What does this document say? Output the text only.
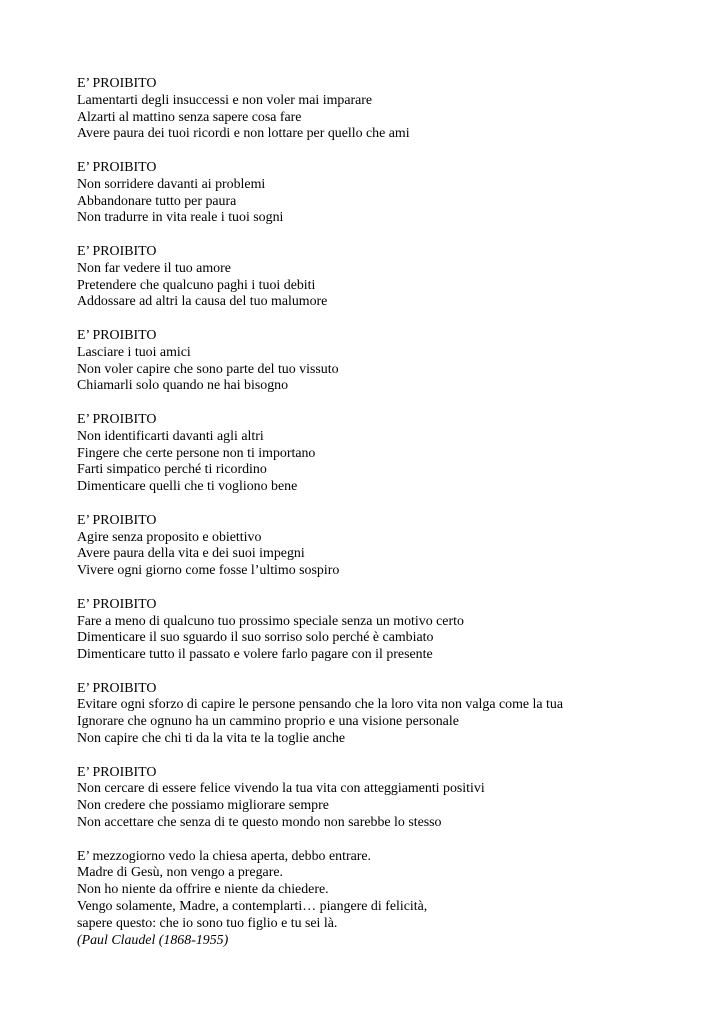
E’ PROIBITO
Lamentarti degli insuccessi e non voler mai imparare
Alzarti al mattino senza sapere cosa fare
Avere paura dei tuoi ricordi e non lottare per quello che ami
E’ PROIBITO
Non sorridere davanti ai problemi
Abbandonare tutto per paura
Non tradurre in vita reale i tuoi sogni
E’ PROIBITO
Non far vedere il tuo amore
Pretendere che qualcuno paghi i tuoi debiti
Addossare ad altri la causa del tuo malumore
E’ PROIBITO
Lasciare i tuoi amici
Non voler capire che sono parte del tuo vissuto
Chiamarli solo quando ne hai bisogno
E’ PROIBITO
Non identificarti davanti agli altri
Fingere che certe persone non ti importano
Farti simpatico perché ti ricordino
Dimenticare quelli che ti vogliono bene
E’ PROIBITO
Agire senza proposito e obiettivo
Avere paura della vita e dei suoi impegni
Vivere ogni giorno come fosse l’ultimo sospiro
E’ PROIBITO
Fare a meno di qualcuno tuo prossimo speciale senza un motivo certo
Dimenticare il suo sguardo il suo sorriso solo perché è cambiato
Dimenticare tutto il passato e volere farlo pagare con il presente
E’ PROIBITO
Evitare ogni sforzo di capire le persone pensando che la loro vita non valga come la tua
Ignorare che ognuno ha un cammino proprio e una visione personale
Non capire che chi ti da la vita te la toglie anche
E’ PROIBITO
Non cercare di essere felice vivendo la tua vita con atteggiamenti positivi
Non credere che possiamo migliorare sempre
Non accettare che senza di te questo mondo non sarebbe lo stesso
E’ mezzogiorno vedo la chiesa aperta, debbo entrare.
Madre di Gesù, non vengo a pregare.
Non ho niente da offrire e niente da chiedere.
Vengo solamente, Madre, a contemplarti… piangere di felicità,
sapere questo: che io sono tuo figlio e tu sei là.
(Paul Claudel (1868-1955)
